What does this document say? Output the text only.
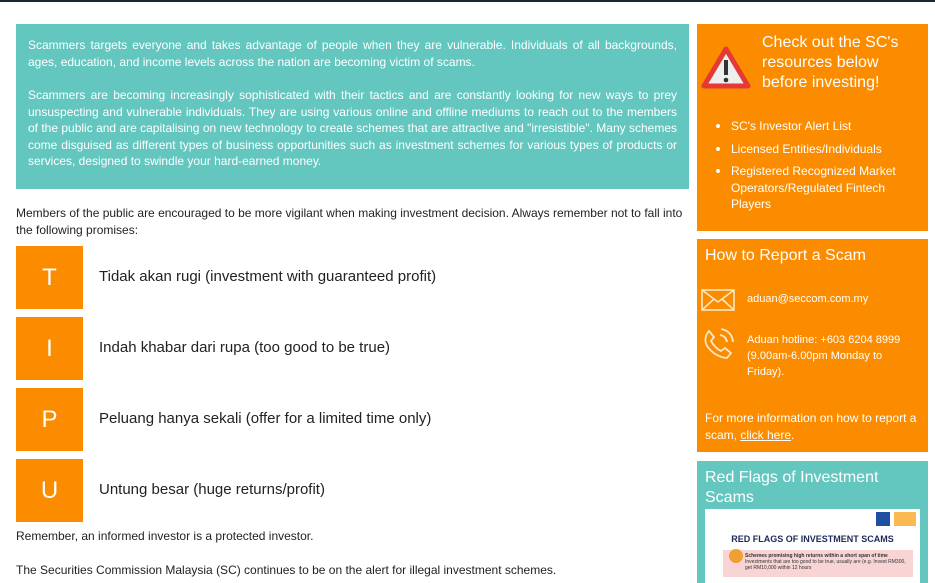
Scammers targets everyone and takes advantage of people when they are vulnerable. Individuals of all backgrounds, ages, education, and income levels across the nation are becoming victim of scams.

Scammers are becoming increasingly sophisticated with their tactics and are constantly looking for new ways to prey unsuspecting and vulnerable individuals. They are using various online and offline mediums to reach out to the members of the public and are capitalising on new technology to create schemes that are attractive and "irresistible". Many schemes come disguised as different types of business opportunities such as investment schemes for various types of products or services, designed to swindle your hard-earned money.

Members of the public are encouraged to be more vigilant when making investment decision. Always remember not to fall into the following promises:
T	Tidak akan rugi (investment with guaranteed profit)
I	Indah khabar dari rupa (too good to be true)
P	Peluang hanya sekali (offer for a limited time only)
U	Untung besar (huge returns/profit)
Remember, an informed investor is a protected investor.
The Securities Commission Malaysia (SC) continues to be on the alert for illegal investment schemes.
Check out the SC's resources below before investing!
SC's Investor Alert List
Licensed Entities/Individuals
Registered Recognized Market Operators/Regulated Fintech Players
How to Report a Scam
aduan@seccom.com.my
Aduan hotline: +603 6204 8999 (9.00am-6.00pm Monday to Friday).
For more information on how to report a scam, click here.
Red Flags of Investment Scams
RED FLAGS OF INVESTMENT SCAMS
Schemes promising high returns within a short span of time
Investments that are too good to be true, usually are (e.g. Invest RM300, get RM10,000 within 12 hours
